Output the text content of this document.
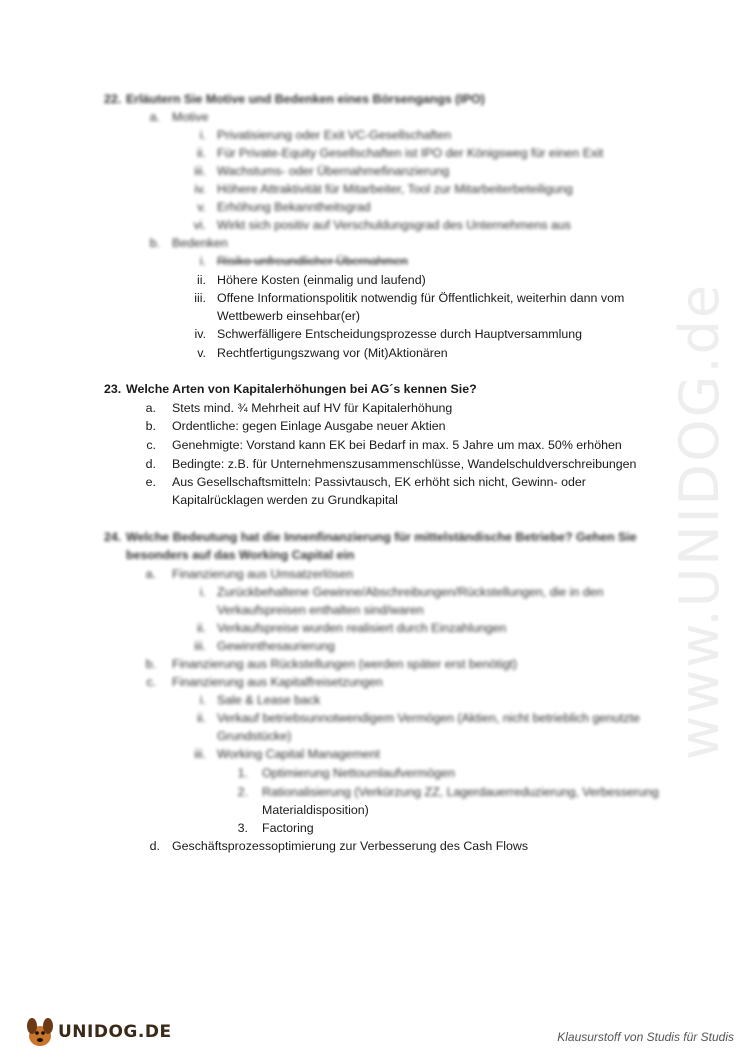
www.UNIDOG.de
22. Erläutern Sie Motive und Bedenken eines Börsengangs (IPO)
a. Motive
i. Privatisierung oder Exit VC-Gesellschaften
ii. Für Private-Equity Gesellschaften ist IPO der Königsweg für einen Exit
iii. Wachstums- oder Übernahmefinanzierung
iv. Höhere Attraktivität für Mitarbeiter, Tool zur Mitarbeiterbeteiligung
v. Erhöhung Bekanntheitsgrad
vi. Wirkt sich positiv auf Verschuldungsgrad des Unternehmens aus
b. Bedenken
i. Risiko unfreundlicher Übernahmen
ii. Höhere Kosten (einmalig und laufend)
iii. Offene Informationspolitik notwendig für Öffentlichkeit, weiterhin dann vom
Wettbewerb einsehbar(er)
iv. Schwerfälligere Entscheidungsprozesse durch Hauptversammlung
v. Rechtfertigungszwang vor (Mit)Aktionären
23. Welche Arten von Kapitalerhöhungen bei AG´s kennen Sie?
a. Stets mind. ¾ Mehrheit auf HV für Kapitalerhöhung
b. Ordentliche: gegen Einlage Ausgabe neuer Aktien
c. Genehmigte: Vorstand kann EK bei Bedarf in max. 5 Jahre um max. 50% erhöhen
d. Bedingte: z.B. für Unternehmenszusammenschlüsse, Wandelschuldverschreibungen
e. Aus Gesellschaftsmitteln: Passivtausch, EK erhöht sich nicht, Gewinn- oder
Kapitalrücklagen werden zu Grundkapital
24. Welche Bedeutung hat die Innenfinanzierung für mittelständische Betriebe? Gehen Sie
besonders auf das Working Capital ein
a. Finanzierung aus Umsatzerlösen
i. Zurückbehaltene Gewinne/Abschreibungen/Rückstellungen, die in den
Verkaufspreisen enthalten sind/waren
ii. Verkaufspreise wurden realisiert durch Einzahlungen
iii. Gewinnthesaurierung
b. Finanzierung aus Rückstellungen (werden später erst benötigt)
c. Finanzierung aus Kapitalfreisetzungen
i. Sale & Lease back
ii. Verkauf betriebsunnotwendigem Vermögen (Aktien, nicht betrieblich genutzte
Grundstücke)
iii. Working Capital Management
1. Optimierung Nettoumlaufvermögen
2. Rationalisierung (Verkürzung ZZ, Lagerdauerreduzierung, Verbesserung
Materialdisposition)
3. Factoring
d. Geschäftsprozessoptimierung zur Verbesserung des Cash Flows
UNIDOG.DE	Klausurstoff von Studis für Studis
